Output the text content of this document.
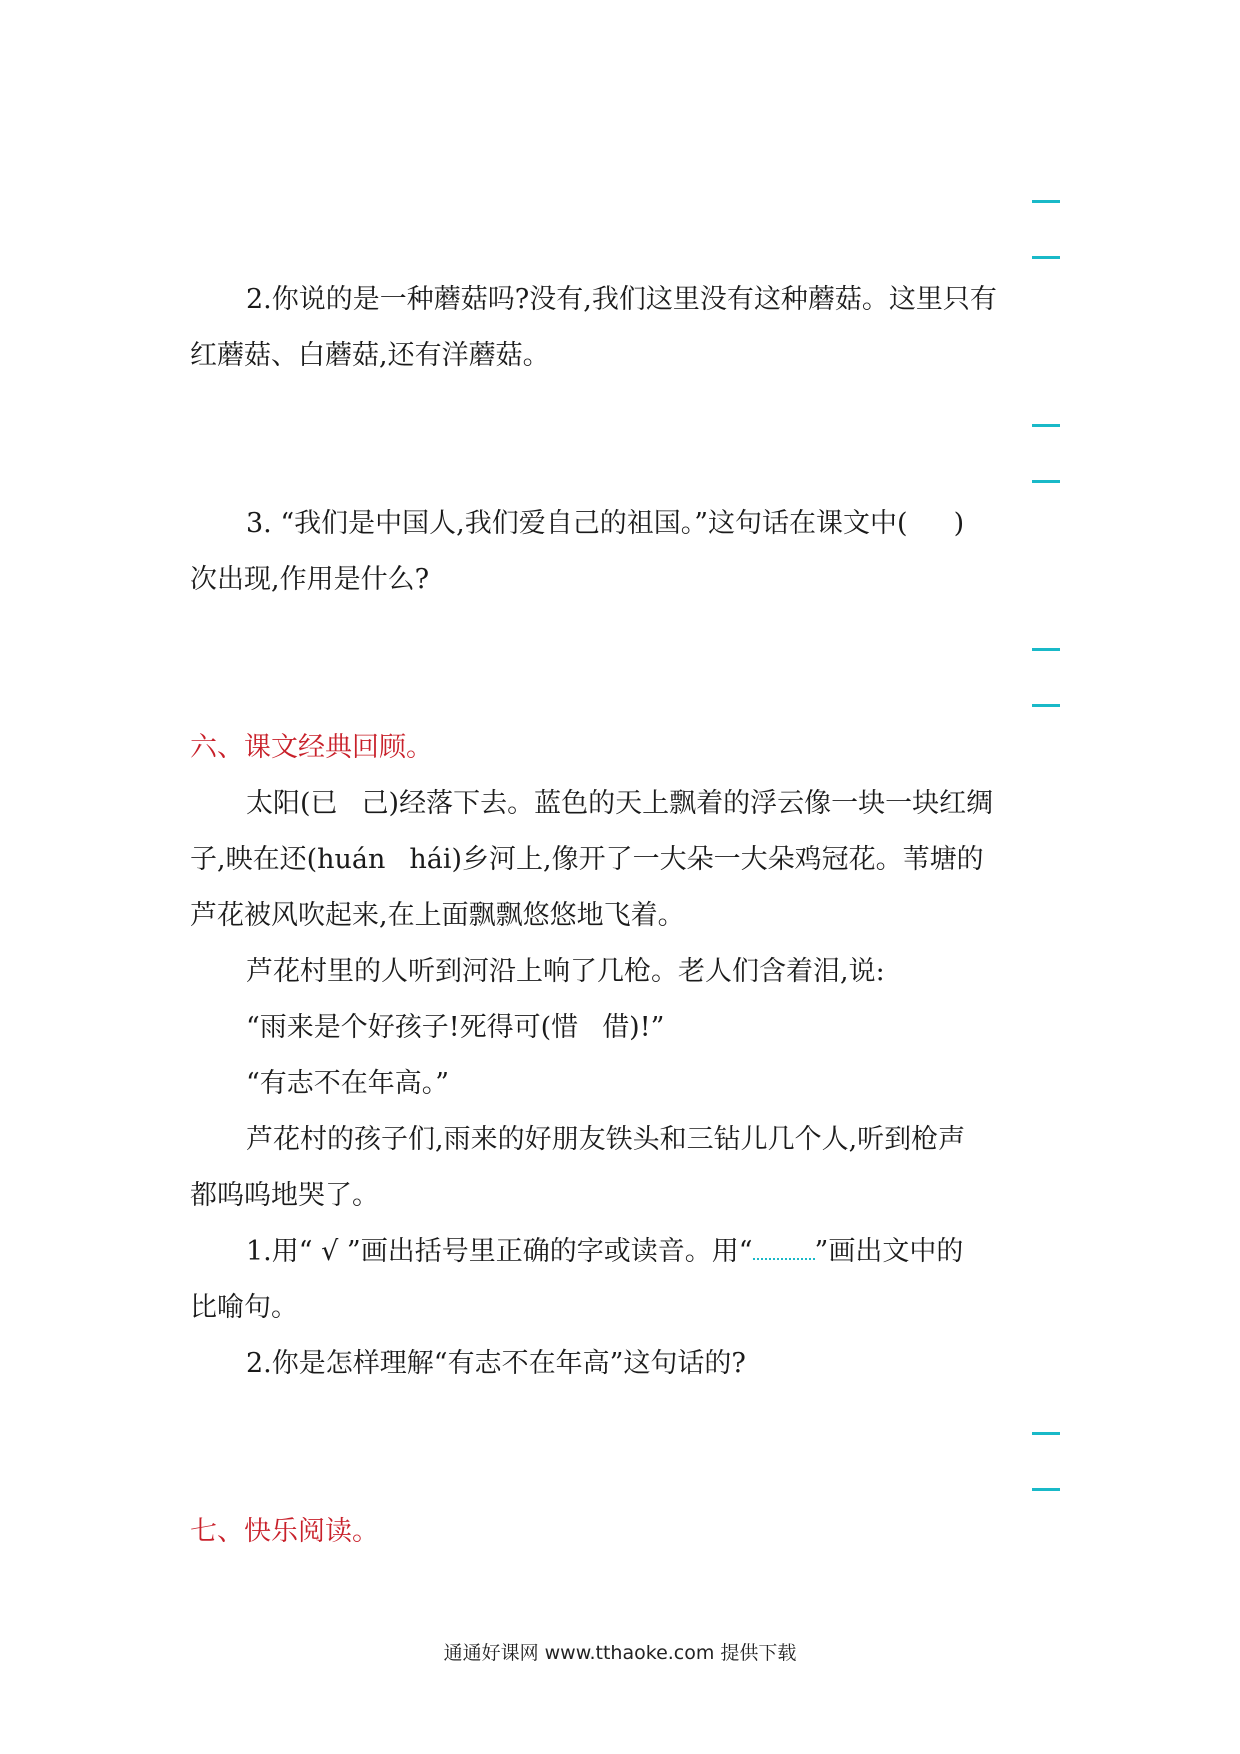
2.你说的是一种蘑菇吗?没有,我们这里没有这种蘑菇。这里只有
红蘑菇、白蘑菇,还有洋蘑菇。
3. “我们是中国人,我们爱自己的祖国。”这句话在课文中( )
次出现,作用是什么?
六、课文经典回顾。
太阳(已 己)经落下去。蓝色的天上飘着的浮云像一块一块红绸
子,映在还(huán hái)乡河上,像开了一大朵一大朵鸡冠花。苇塘的
芦花被风吹起来,在上面飘飘悠悠地飞着。
芦花村里的人听到河沿上响了几枪。老人们含着泪,说:
“雨来是个好孩子!死得可(惜 借)!”
“有志不在年高。”
芦花村的孩子们,雨来的好朋友铁头和三钻儿几个人,听到枪声
都呜呜地哭了。
1.用“ √ ”画出括号里正确的字或读音。用“ ”画出文中的
比喻句。
2.你是怎样理解“有志不在年高”这句话的?
七、快乐阅读。
通通好课网 www.tthaoke.com 提供下载
